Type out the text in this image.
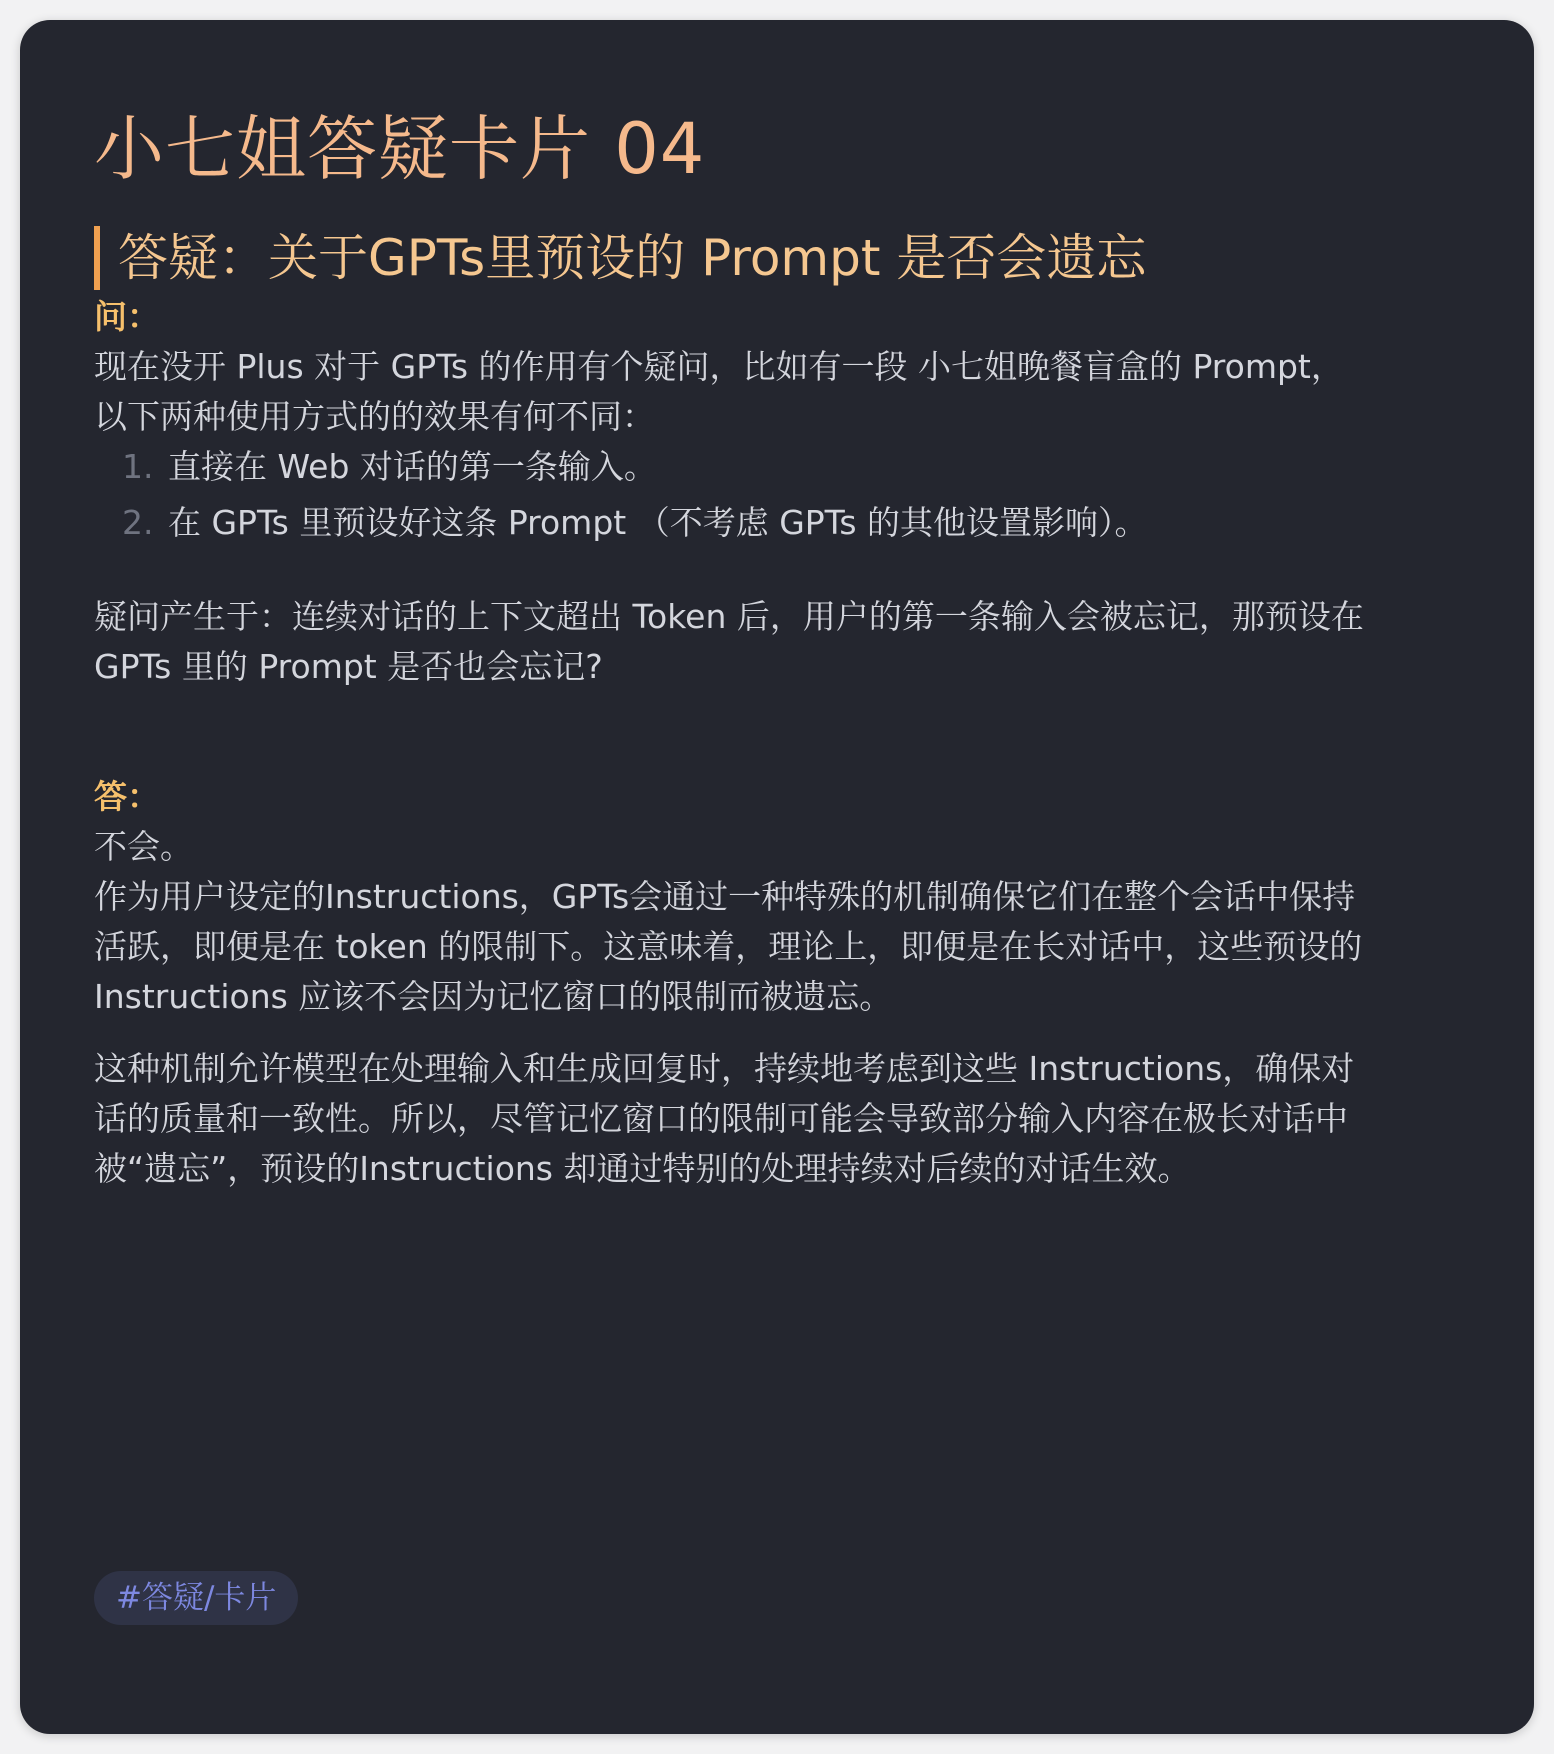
小七姐答疑卡片 04
答疑：关于GPTs里预设的 Prompt 是否会遗忘
问：
现在没开 Plus 对于 GPTs 的作用有个疑问，比如有一段 小七姐晚餐盲盒的 Prompt，
以下两种使用方式的的效果有何不同：
1. 直接在 Web 对话的第一条输入。
2. 在 GPTs 里预设好这条 Prompt （不考虑 GPTs 的其他设置影响）。
疑问产生于：连续对话的上下文超出 Token 后，用户的第一条输入会被忘记，那预设在
GPTs 里的 Prompt 是否也会忘记?
答：
不会。
作为用户设定的Instructions，GPTs会通过一种特殊的机制确保它们在整个会话中保持
活跃，即便是在 token 的限制下。这意味着，理论上，即便是在长对话中，这些预设的
Instructions 应该不会因为记忆窗口的限制而被遗忘。
这种机制允许模型在处理输入和生成回复时，持续地考虑到这些 Instructions，确保对
话的质量和一致性。所以，尽管记忆窗口的限制可能会导致部分输入内容在极长对话中
被“遗忘”，预设的Instructions 却通过特别的处理持续对后续的对话生效。
#答疑/卡片
